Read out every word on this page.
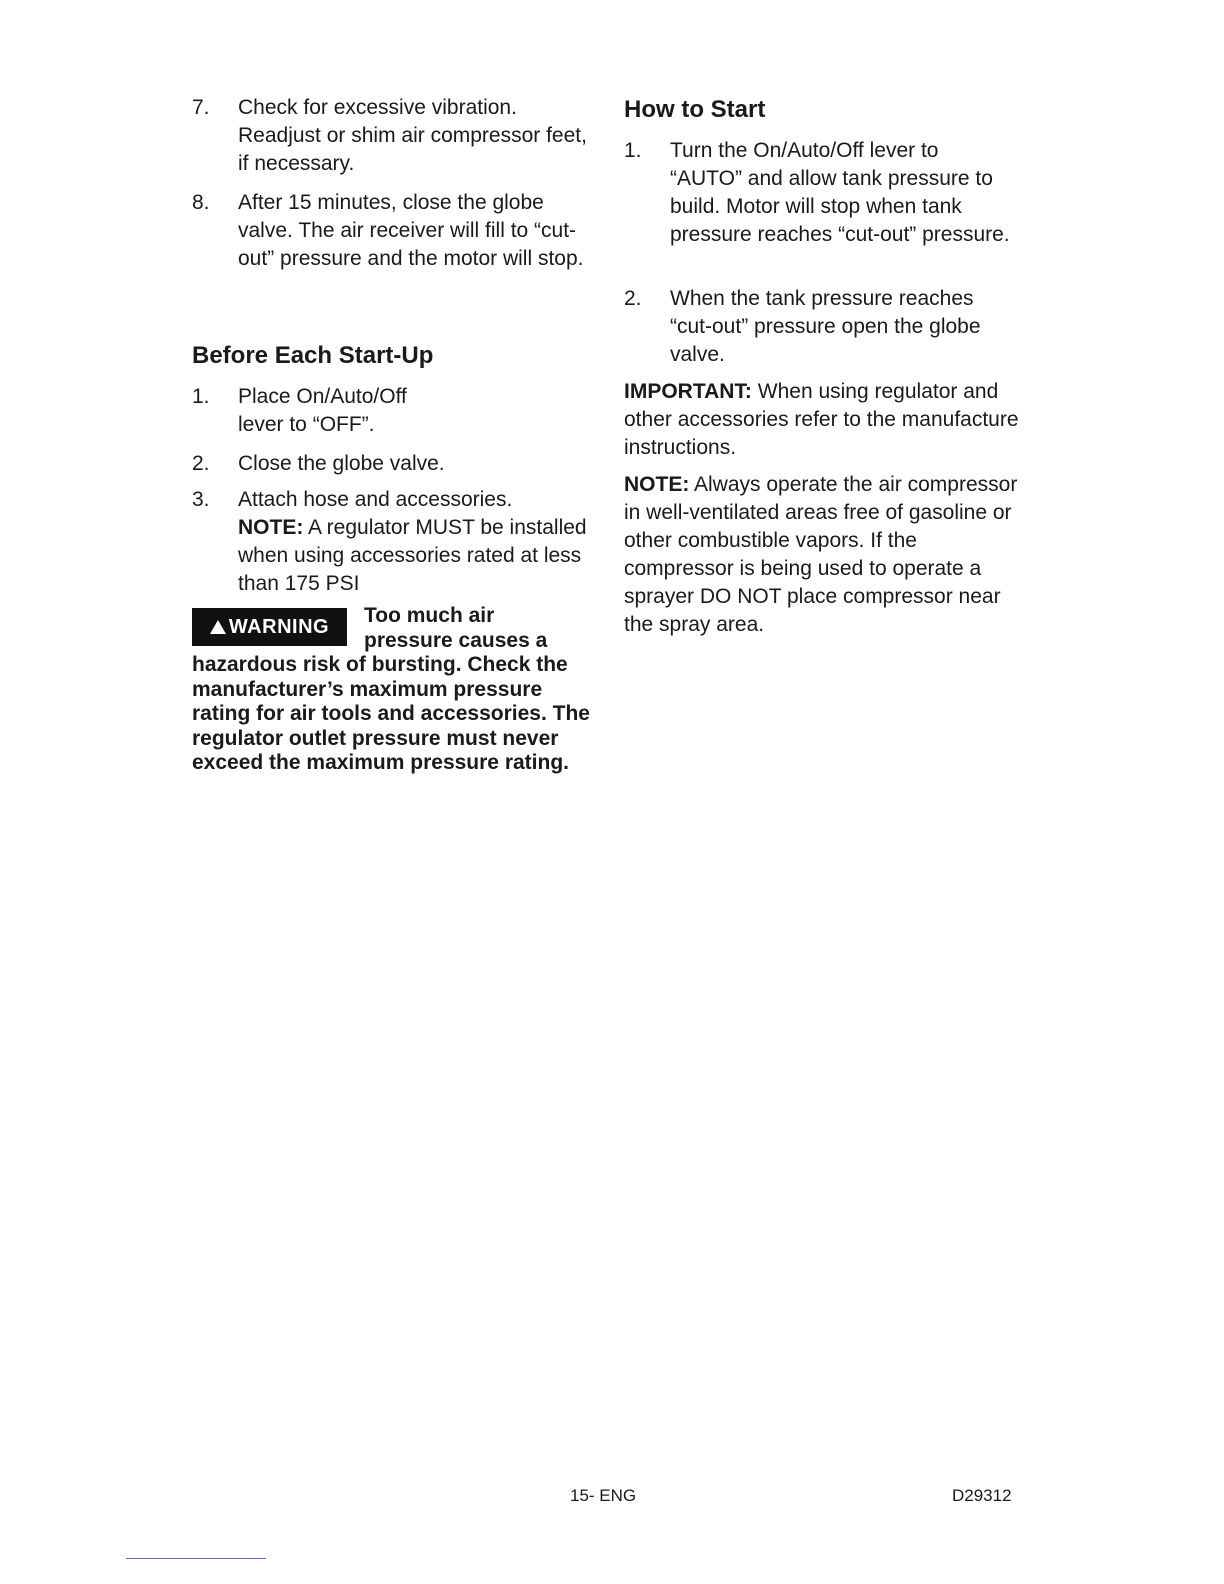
7. Check for excessive vibration. Readjust or shim air compressor feet, if necessary.
8. After 15 minutes, close the globe valve. The air receiver will fill to “cut-out” pressure and the motor will stop.
Before Each Start-Up
1. Place On/Auto/Off lever to “OFF”.
2. Close the globe valve.
3. Attach hose and accessories.
NOTE: A regulator MUST be installed when using accessories rated at less than 175 PSI
WARNING	Too much air
pressure causes a hazardous risk of bursting. Check the manufacturer’s maximum pressure rating for air tools and accessories. The regulator outlet pressure must never exceed the maximum pressure rating.
How to Start
1. Turn the On/Auto/Off lever to “AUTO” and allow tank pressure to build. Motor will stop when tank pressure reaches “cut-out” pressure.
2. When the tank pressure reaches “cut-out” pressure open the globe valve.
IMPORTANT: When using regulator and other accessories refer to the manufacture instructions.
NOTE: Always operate the air compressor in well-ventilated areas free of gasoline or other combustible vapors. If the compressor is being used to operate a sprayer DO NOT place compressor near the spray area.
15- ENG	D29312
